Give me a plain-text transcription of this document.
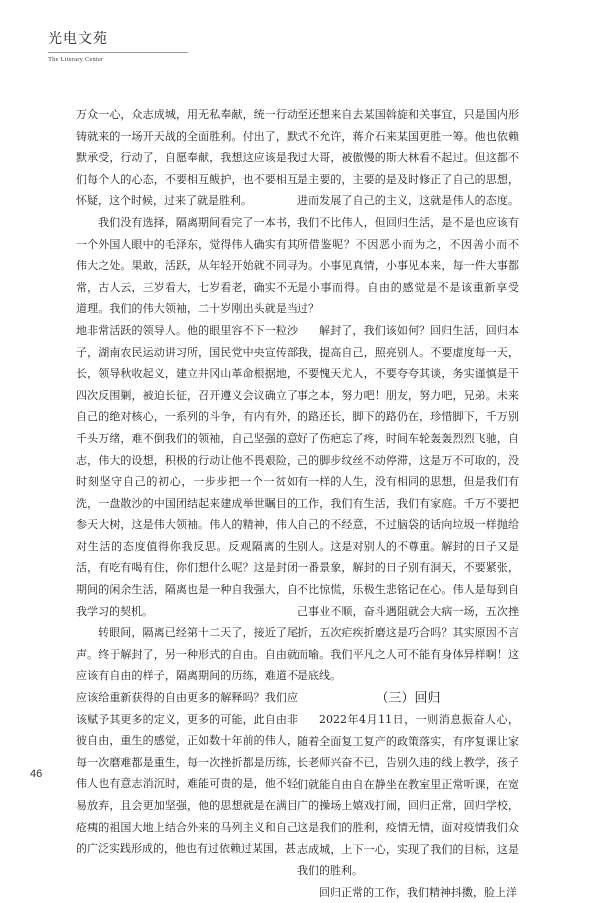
光电文苑
The Literary Center

万众一心，众志成城，用无私奉献，统一行动铸就来的一场开天战的全面胜利。付出了，默默承受，行动了，自愿奉献，我想这应该是我们每个人的心态，不要相互鲅护，也不要相互怀疑，这个时候，过来了就是胜利。

我们没有选择，隔离期间看完了一本书，一个外国人眼中的毛泽东，觉得伟人确实有其伟大之处。果敢，活跃，从年轻开始就不同寻常，古人云，三岁看大，七岁看老，确实不无道理。我们的伟大领袖，二十岁刚出头就是当地非常活跃的领导人。他的眼里容不下一粒沙子，湖南农民运动讲习所，国民党中央宣传部长，领导秋收起义，建立井冈山革命根据地，四次反围剿，被迫长征，召开遵义会议确立了自己的绝对核心，一系列的斗争，有内有外，千头万绪，难不倒我们的领袖，自己坚强的意志，伟大的设想，积极的行动让他不畏艰险，时刻坚守自己的初心，一步步把一个一贫如洗，一盘散沙的中国团结起来建成举世瞩目的参天大树，这是伟大领袖。伟人的精神，伟人对生活的态度值得你我反思。反观隔离的生活，有吃有喝有住，你们想什么呢？这是封闭期间的闲余生活，隔离也是一种自我强大，自我学习的契机。

转眼间，隔离已经第十二天了，接近了尾声。终于解封了，另一种形式的自由。自由就应该有自由的样子，隔离期间的历练，难道不应该给重新获得的自由更多的解释吗？我们应该赋予其更多的定义，更多的可能，此自由非彼自由，重生的感觉，正如数十年前的伟人，每一次磨难都是重生，每一次挫折都是历练，伟人也有意志消沉时，难能可贵的是，他不轻易放弃，且会更加坚强，他的思想就是在满目疮痍的祖国大地上结合外来的马列主义和自己的广泛实践形成的，他也有过依赖过某国，甚

至还想来自去某国斡旋和关事宜，只是国内形式不允许，蒋介石来某国更胜一筹。他也依赖过大哥，被傲慢的斯大林看不起过。但这都不是主要的，主要的是及时修正了自己的思想，进而发展了自己的主义，这就是伟人的态度。我们不比伟人，但回归生活，是不是也应该有所借鉴呢？不因恶小而为之，不因善小而不为。小事见真情，小事见本来，每一件大事都是小事而得。自由的感觉是不是该重新享受过？

解封了，我们该如何？回归生活，回归本我，提高自己，照亮别人。不要虚度每一天，不要愧天尤人，不要夸夸其谈，务实谨慎是干事之本，努力吧！朋友，努力吧，兄弟。未来的路还长，脚下的路仍在，珍惜脚下，千万别好了伤疤忘了疼，时间车轮轰轰烈烈飞驰，自己的脚步纹丝不动停滞，这是万不可取的，没有一样的人生，没有相同的思想，但是我们有工作，我们有生活，我们有家庭。千万不要把自己的不经意，不过脑袋的话向垃圾一样抛给别人。这是对别人的不尊重。解封的日子又是一番景象，解封的日子别有洞天，不要紧张，不比惊慌，乐极生悲铭记在心。伟人是每到自己事业不顺，奋斗遇阻就会大病一场，五次挫折，五次疟疾折磨这是巧合吗？其实原因不言而喻。我们平凡之人可不能有身体异样啊！这是底线。

（三）回归

2022年4月11日，一则消息振奋人心，随着全面复工复产的政策落实，有序复课让家长老师兴奋不已，告别久违的线上教学，孩子们就能自由自在静坐在教室里正常听课，在宽广的操场上嬉戏打闹，回归正常，回归学校，这是我们的胜利，疫情无情，面对疫情我们众志成城，上下一心，实现了我们的目标，这是我们的胜利。

回归正常的工作，我们精神抖擞，脸上洋

46
